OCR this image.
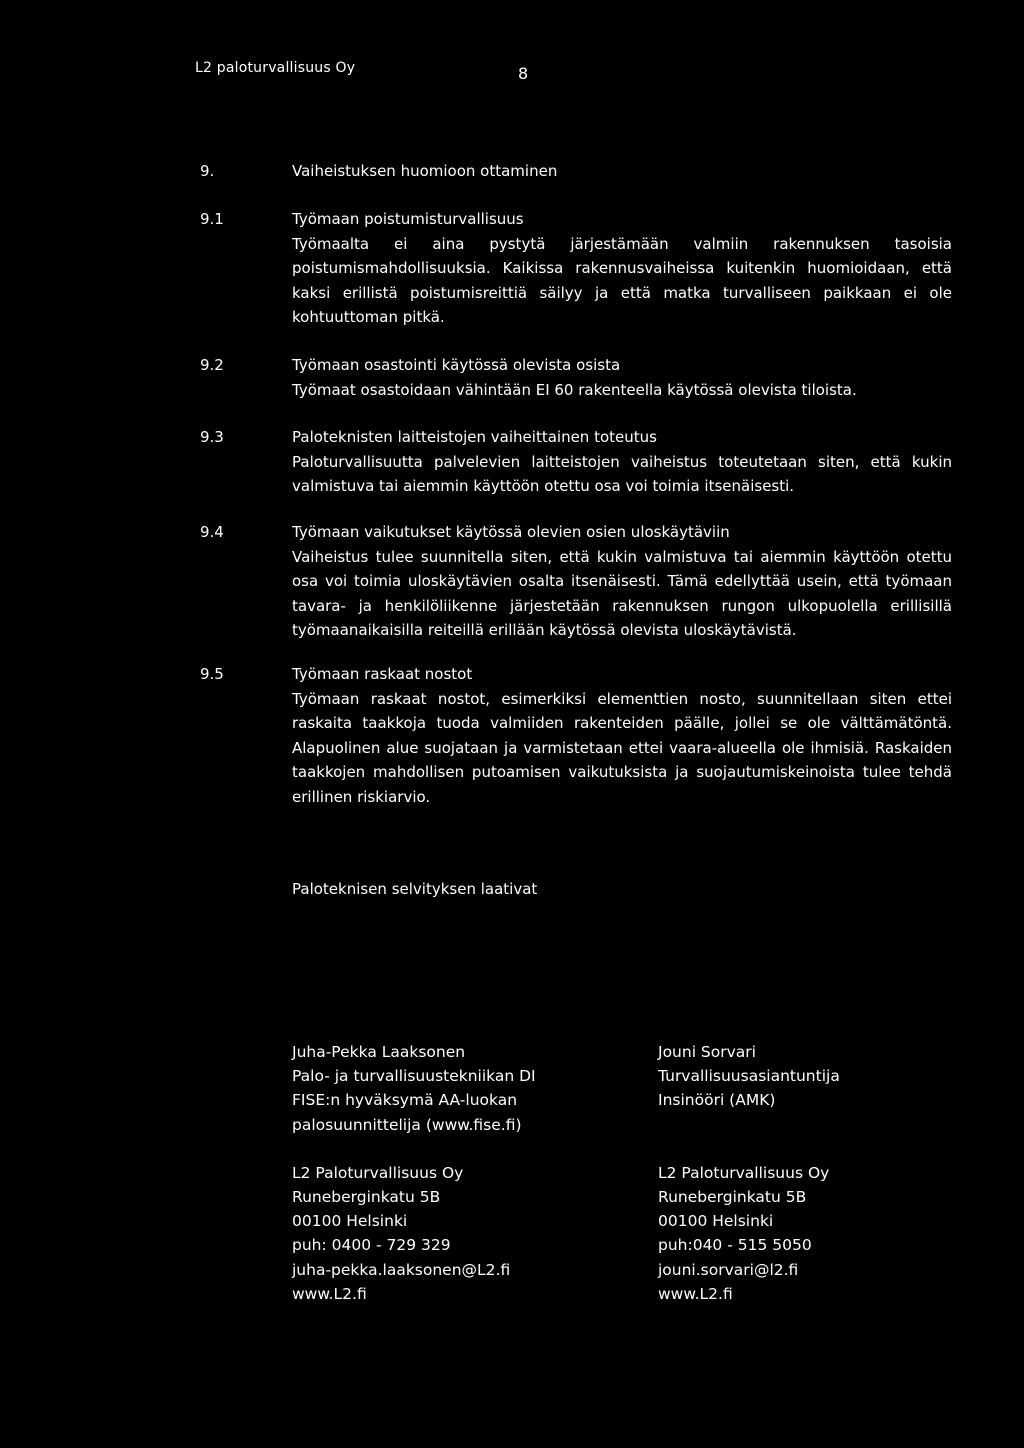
L2 paloturvallisuus Oy	8
9.	Vaiheistuksen huomioon ottaminen
9.1	Työmaan poistumisturvallisuus
Työmaalta ei aina pystytä järjestämään valmiin rakennuksen tasoisia poistumismahdollisuuksia. Kaikissa rakennusvaiheissa kuitenkin huomioidaan, että kaksi erillistä poistumisreittiä säilyy ja että matka turvalliseen paikkaan ei ole kohtuuttoman pitkä.
9.2	Työmaan osastointi käytössä olevista osista
Työmaat osastoidaan vähintään EI 60 rakenteella käytössä olevista tiloista.
9.3	Paloteknisten laitteistojen vaiheittainen toteutus
Paloturvallisuutta palvelevien laitteistojen vaiheistus toteutetaan siten, että kukin valmistuva tai aiemmin käyttöön otettu osa voi toimia itsenäisesti.
9.4	Työmaan vaikutukset käytössä olevien osien uloskäytäviin
Vaiheistus tulee suunnitella siten, että kukin valmistuva tai aiemmin käyttöön otettu osa voi toimia uloskäytävien osalta itsenäisesti. Tämä edellyttää usein, että työmaan tavara- ja henkilöliikenne järjestetään rakennuksen rungon ulkopuolella erillisillä työmaanaikaisilla reiteillä erillään käytössä olevista uloskäytävistä.
9.5	Työmaan raskaat nostot
Työmaan raskaat nostot, esimerkiksi elementtien nosto, suunnitellaan siten ettei raskaita taakkoja tuoda valmiiden rakenteiden päälle, jollei se ole välttämätöntä. Alapuolinen alue suojataan ja varmistetaan ettei vaara-alueella ole ihmisiä. Raskaiden taakkojen mahdollisen putoamisen vaikutuksista ja suojautumiskeinoista tulee tehdä erillinen riskiarvio.
Paloteknisen selvityksen laativat
Juha-Pekka Laaksonen
Palo- ja turvallisuustekniikan DI
FISE:n hyväksymä AA-luokan
palosuunnittelija (www.fise.fi)
L2 Paloturvallisuus Oy
Runeberginkatu 5B
00100 Helsinki
puh: 0400 - 729 329
juha-pekka.laaksonen@L2.fi
www.L2.fi
Jouni Sorvari
Turvallisuusasiantuntija
Insinööri (AMK)
L2 Paloturvallisuus Oy
Runeberginkatu 5B
00100 Helsinki
puh:040 - 515 5050
jouni.sorvari@l2.fi
www.L2.fi
